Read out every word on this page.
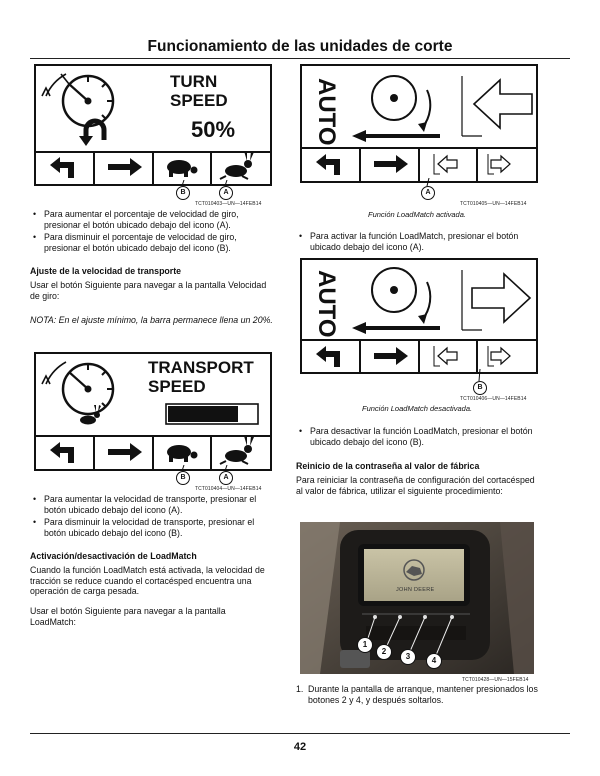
Funcionamiento de las unidades de corte
TURN
SPEED
50%
B	A
TCT010403—UN—14FEB14
• Para aumentar el porcentaje de velocidad de giro, presionar el botón ubicado debajo del icono (A).
• Para disminuir el porcentaje de velocidad de giro, presionar el botón ubicado debajo del icono (B).
Ajuste de la velocidad de transporte
Usar el botón Siguiente para navegar a la pantalla Velocidad de giro:
NOTA: En el ajuste mínimo, la barra permanece llena un 20%.
TRANSPORT
SPEED
B	A
TCT010404—UN—14FEB14
• Para aumentar la velocidad de transporte, presionar el botón ubicado debajo del icono (A).
• Para disminuir la velocidad de transporte, presionar el botón ubicado debajo del icono (B).
Activación/desactivación de LoadMatch
Cuando la función LoadMatch está activada, la velocidad de tracción se reduce cuando el cortacésped encuentra una operación de carga pesada.
Usar el botón Siguiente para navegar a la pantalla LoadMatch:
AUTO
A
TCT010405—UN—14FEB14
Función LoadMatch activada.
• Para activar la función LoadMatch, presionar el botón ubicado debajo del icono (A).
AUTO
B
TCT010406—UN—14FEB14
Función LoadMatch desactivada.
• Para desactivar la función LoadMatch, presionar el botón ubicado debajo del icono (B).
Reinicio de la contraseña al valor de fábrica
Para reiniciar la contraseña de configuración del cortacésped al valor de fábrica, utilizar el siguiente procedimiento:
JOHN DEERE
1
2
3	4
TCT010428—UN—15FEB14
1. Durante la pantalla de arranque, mantener presionados los botones 2 y 4, y después soltarlos.
42
